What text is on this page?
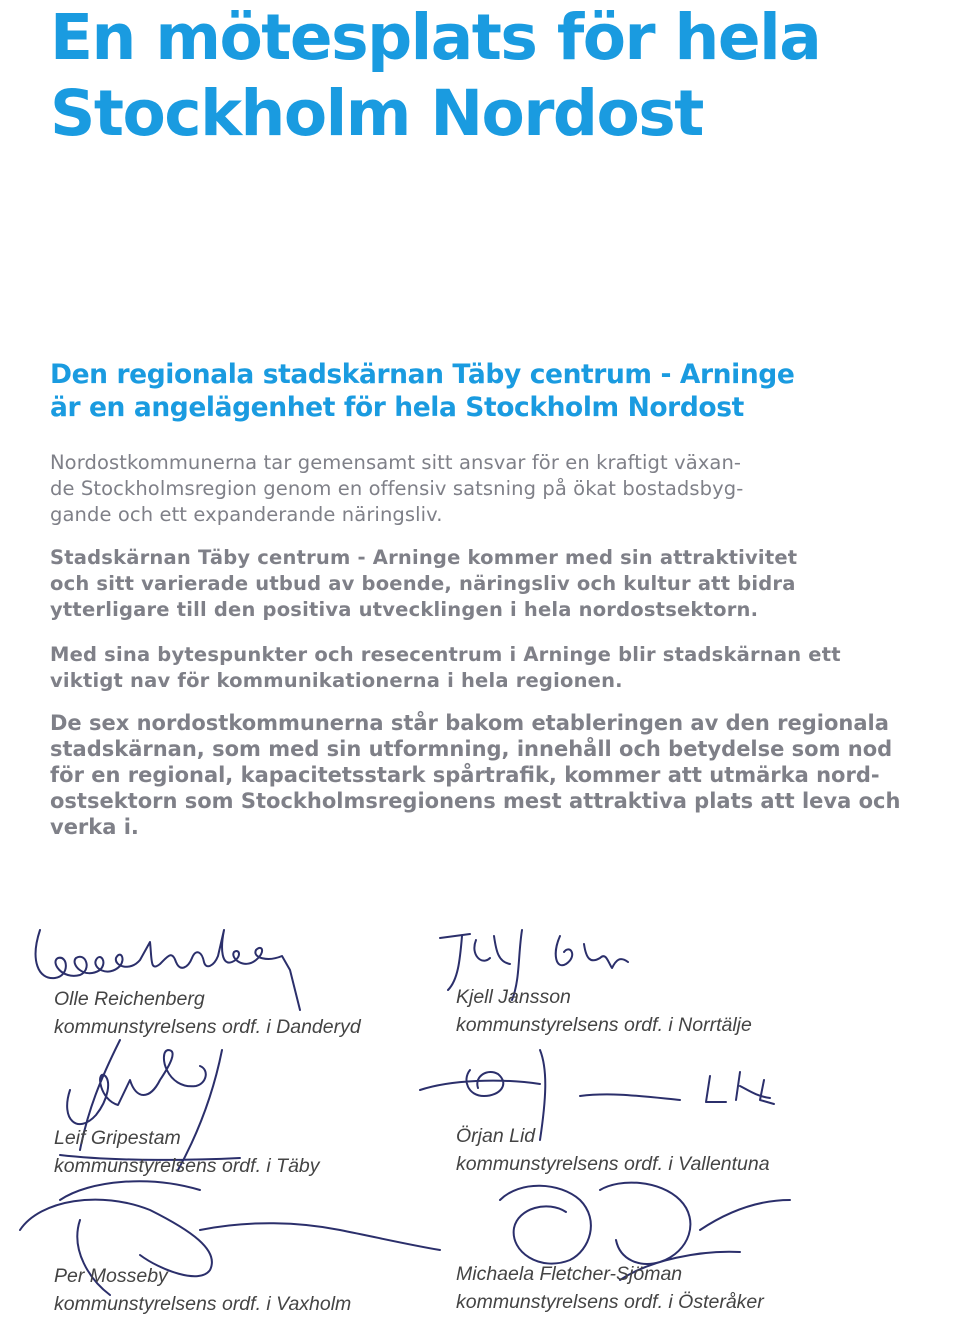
En mötesplats för hela
Stockholm Nordost
Den regionala stadskärnan Täby centrum - Arninge
är en angelägenhet för hela Stockholm Nordost

Nordostkommunerna tar gemensamt sitt ansvar för en kraftigt växan-
de Stockholmsregion genom en offensiv satsning på ökat bostadsbyg-
gande och ett expanderande näringsliv.

Stadskärnan Täby centrum - Arninge kommer med sin attraktivitet
och sitt varierade utbud av boende, näringsliv och kultur att bidra
ytterligare till den positiva utvecklingen i hela nordostsektorn.

Med sina bytespunkter och resecentrum i Arninge blir stadskärnan ett
viktigt nav för kommunikationerna i hela regionen.

De sex nordostkommunerna står bakom etableringen av den regionala
stadskärnan, som med sin utformning, innehåll och betydelse som nod
för en regional, kapacitetsstark spårtrafik, kommer att utmärka nord-
ostsektorn som Stockholmsregionens mest attraktiva plats att leva och
verka i.

Olle Reichenberg
kommunstyrelsens ordf. i Danderyd
Kjell Jansson
kommunstyrelsens ordf. i Norrtälje
Leif Gripestam
kommunstyrelsens ordf. i Täby
Örjan Lid
kommunstyrelsens ordf. i Vallentuna
Per Mosseby
kommunstyrelsens ordf. i Vaxholm
Michaela Fletcher-Sjöman
kommunstyrelsens ordf. i Österåker
